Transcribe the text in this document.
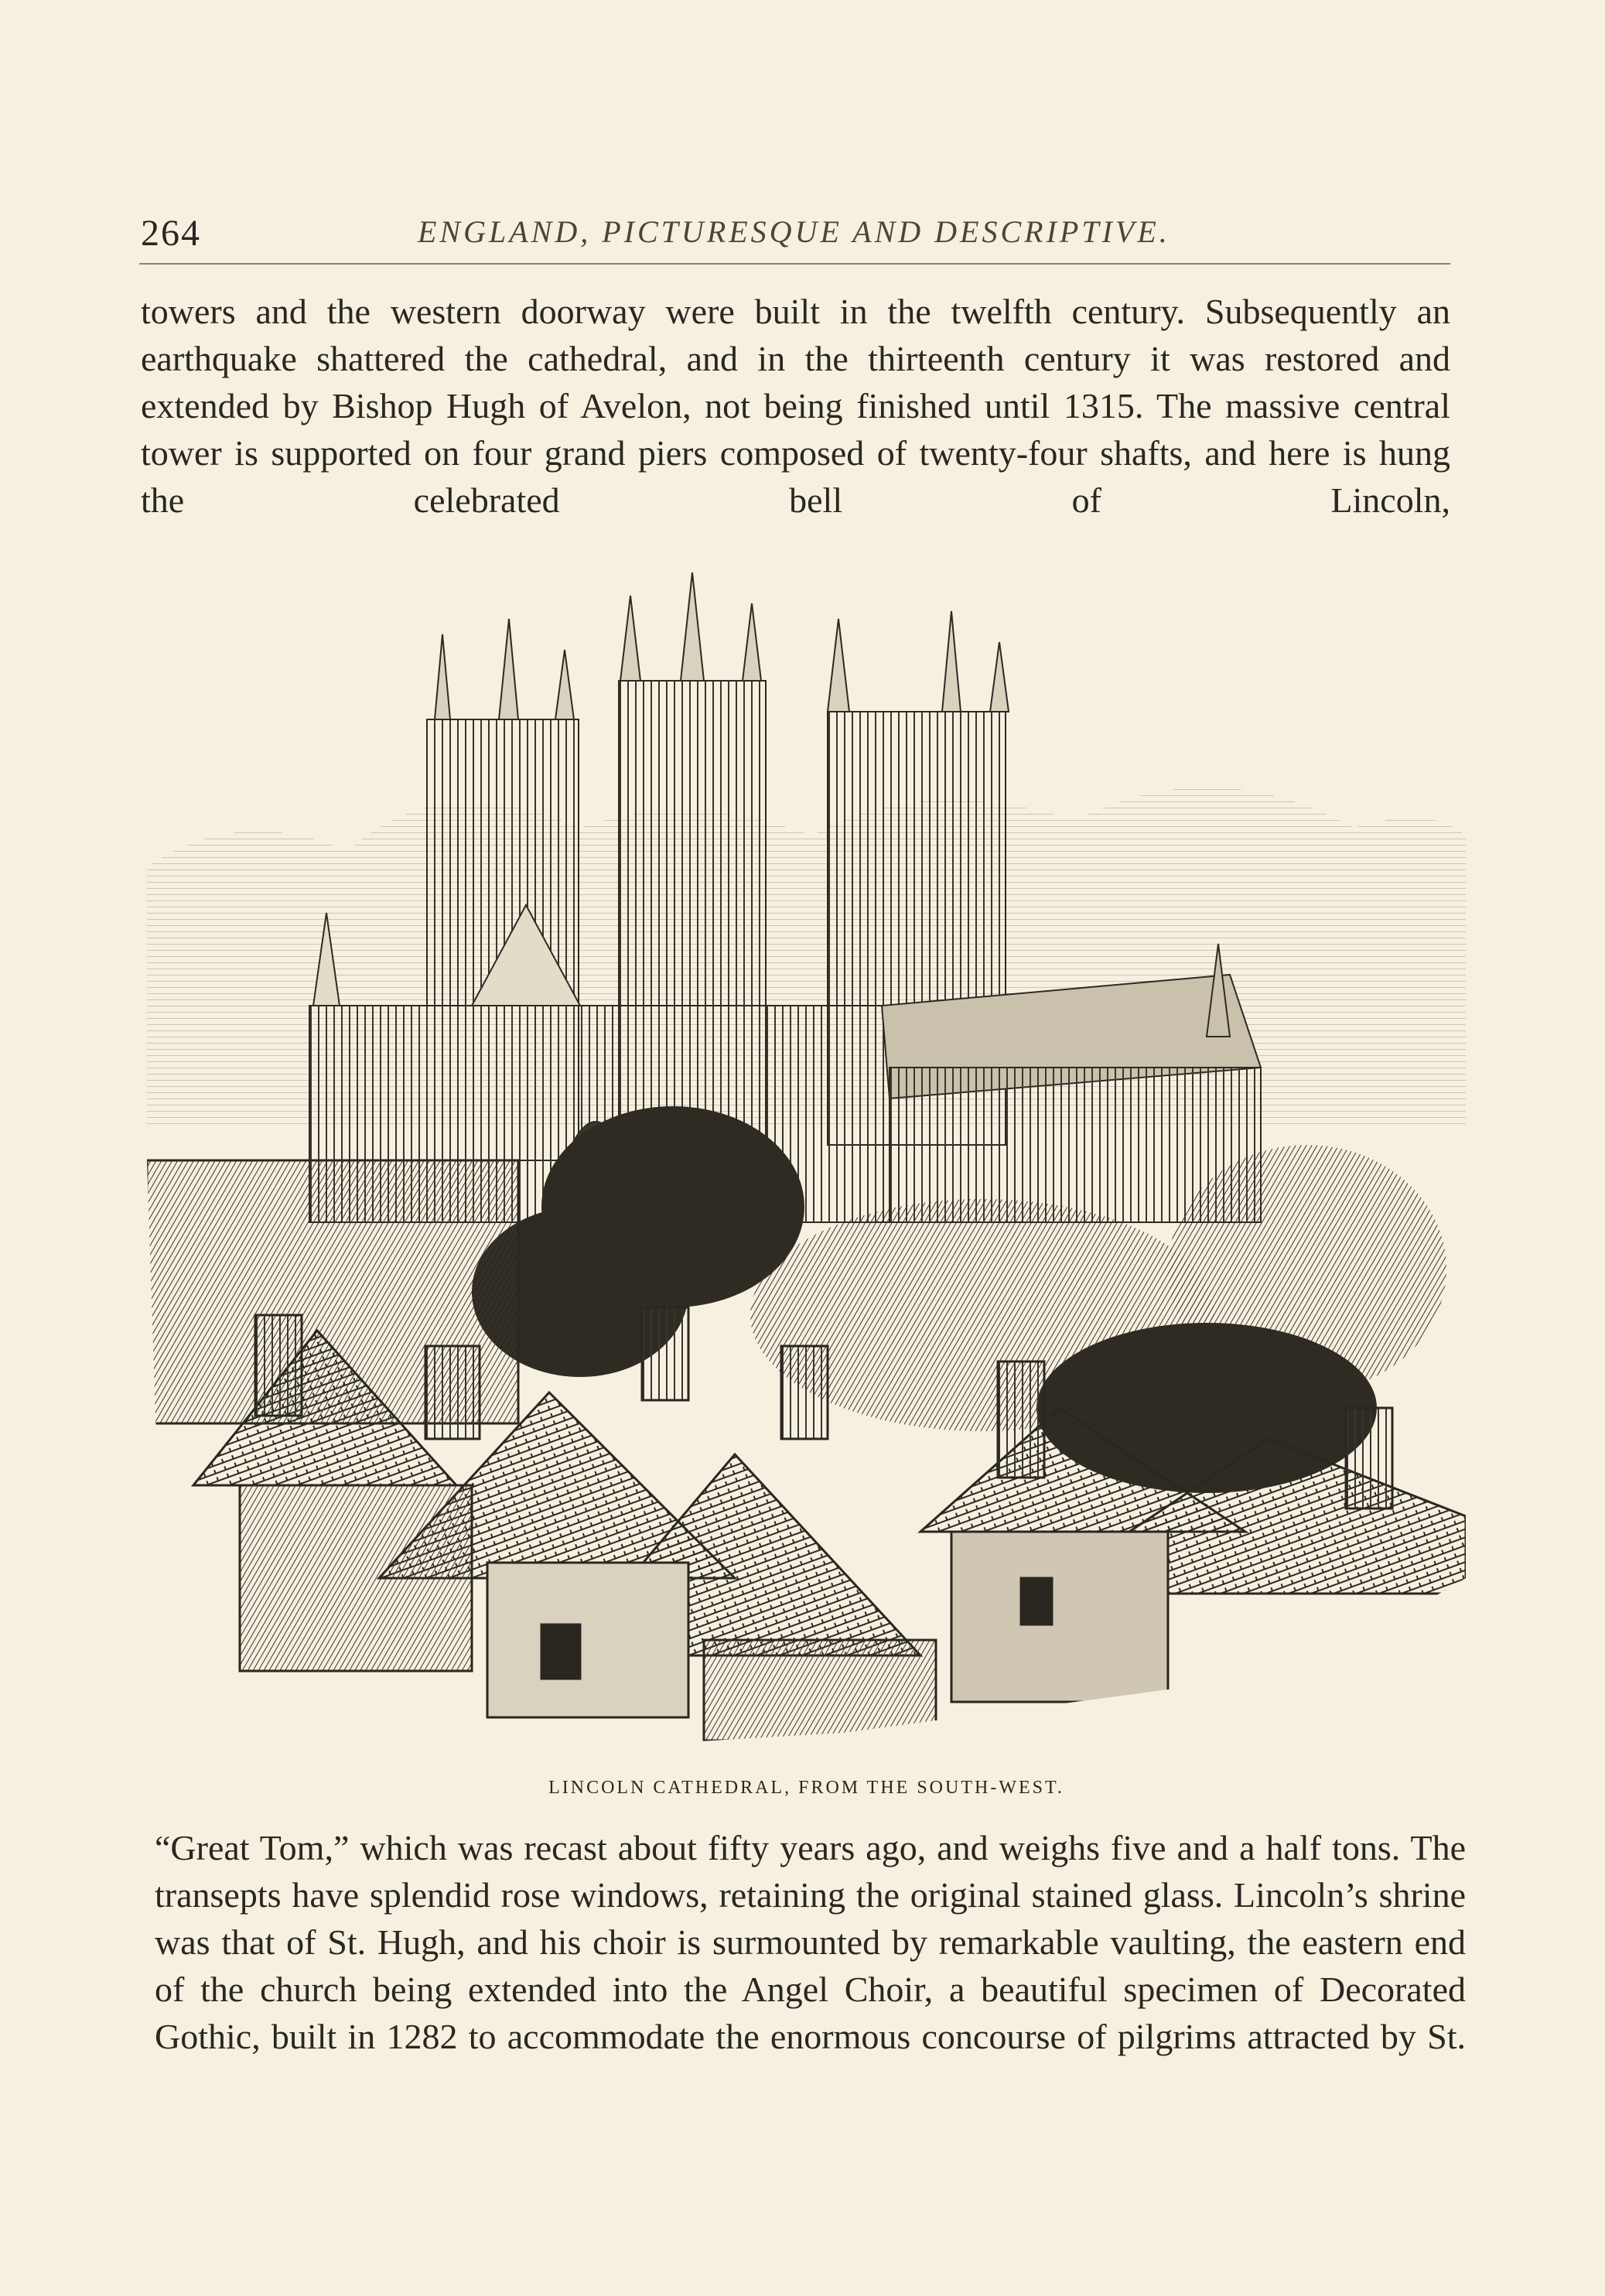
264	ENGLAND, PICTURESQUE AND DESCRIPTIVE.

towers and the western doorway were built in the twelfth century. Subsequently an earthquake shattered the cathedral, and in the thirteenth century it was restored and extended by Bishop Hugh of Avelon, not being finished until 1315. The massive central tower is supported on four grand piers composed of twenty-four shafts, and here is hung the celebrated bell of Lincoln,

LINCOLN CATHEDRAL, FROM THE SOUTH-WEST.

“Great Tom,” which was recast about fifty years ago, and weighs five and a half tons. The transepts have splendid rose windows, retaining the original stained glass. Lincoln’s shrine was that of St. Hugh, and his choir is surmounted by remarkable vaulting, the eastern end of the church being extended into the Angel Choir, a beautiful specimen of Decorated Gothic, built in 1282 to accommodate the enormous concourse of pilgrims attracted by St.
